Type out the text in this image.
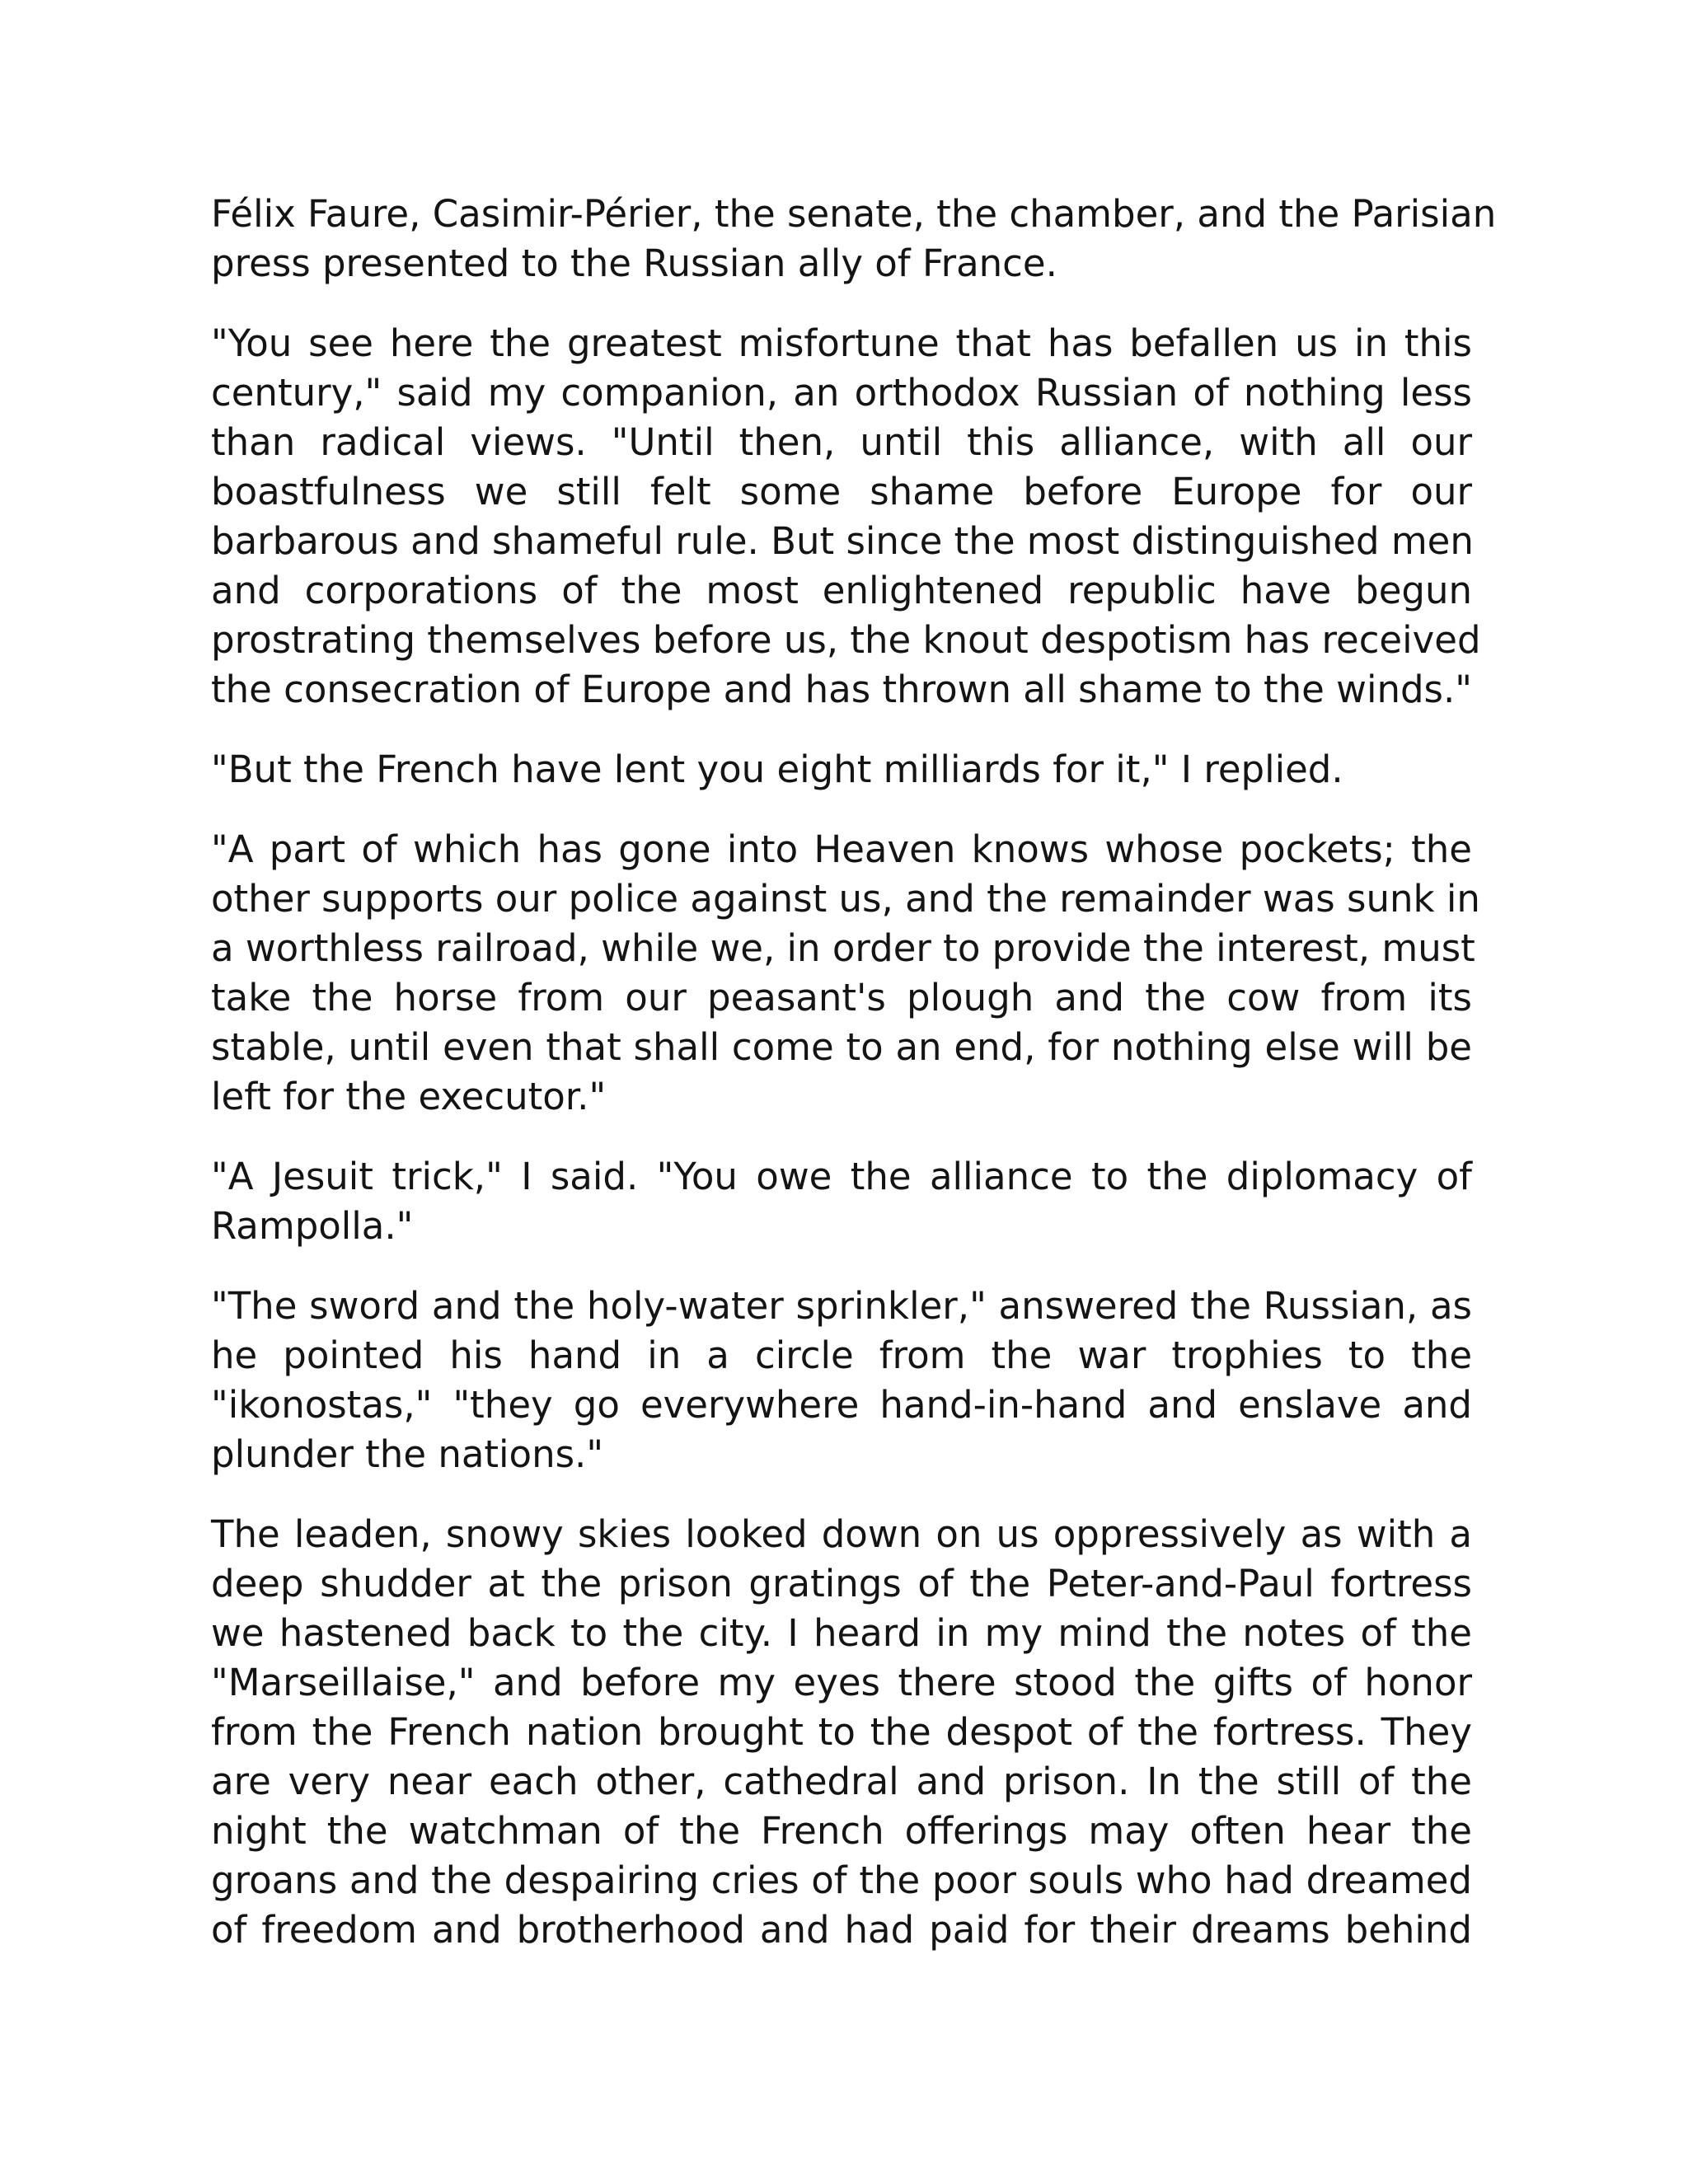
Félix Faure, Casimir-Périer, the senate, the chamber, and the Parisian
press presented to the Russian ally of France.
"You see here the greatest misfortune that has befallen us in this
century," said my companion, an orthodox Russian of nothing less
than radical views. "Until then, until this alliance, with all our
boastfulness we still felt some shame before Europe for our
barbarous and shameful rule. But since the most distinguished men
and corporations of the most enlightened republic have begun
prostrating themselves before us, the knout despotism has received
the consecration of Europe and has thrown all shame to the winds."
"But the French have lent you eight milliards for it," I replied.
"A part of which has gone into Heaven knows whose pockets; the
other supports our police against us, and the remainder was sunk in
a worthless railroad, while we, in order to provide the interest, must
take the horse from our peasant's plough and the cow from its
stable, until even that shall come to an end, for nothing else will be
left for the executor."
"A Jesuit trick," I said. "You owe the alliance to the diplomacy of
Rampolla."
"The sword and the holy-water sprinkler," answered the Russian, as
he pointed his hand in a circle from the war trophies to the
"ikonostas," "they go everywhere hand-in-hand and enslave and
plunder the nations."
The leaden, snowy skies looked down on us oppressively as with a
deep shudder at the prison gratings of the Peter-and-Paul fortress
we hastened back to the city. I heard in my mind the notes of the
"Marseillaise," and before my eyes there stood the gifts of honor
from the French nation brought to the despot of the fortress. They
are very near each other, cathedral and prison. In the still of the
night the watchman of the French offerings may often hear the
groans and the despairing cries of the poor souls who had dreamed
of freedom and brotherhood and had paid for their dreams behind
